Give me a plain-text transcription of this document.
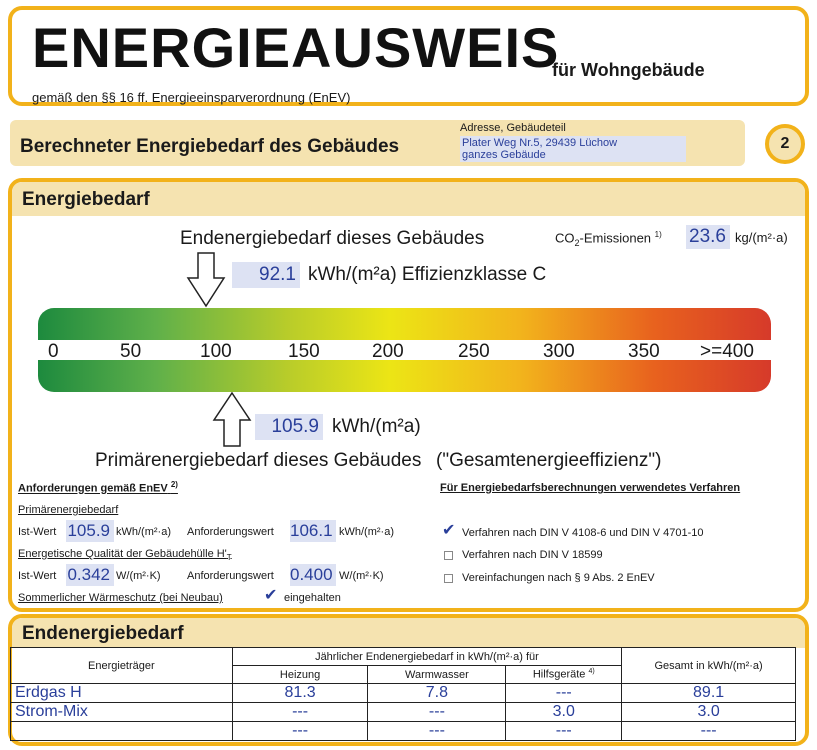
ENERGIEAUSWEIS
für Wohngebäude
gemäß den §§ 16 ff. Energieeinsparverordnung (EnEV)
Berechneter Energiebedarf des Gebäudes
Adresse, Gebäudeteil
Plater Weg Nr.5, 29439 Lüchow
ganzes Gebäude
2
Energiebedarf
Endenergiebedarf dieses Gebäudes	$CO_2$-Emissionen $^{1)}$ 23.6 kg/(m²·a)
92.1 kWh/(m²a) Effizienzklasse C
0	50	100	150	200	250	300	350 >=400
105.9 kWh/(m²a)
Primärenergiebedarf dieses Gebäudes ("Gesamtenergieeffizienz")
Anforderungen gemäß EnEV $^{2)}$
Primärenergiebedarf
Ist-Wert 105.9 kWh/(m²·a) Anforderungswert 106.1 kWh/(m²·a)
Energetische Qualität der Gebäudehülle $H'_T$
Ist-Wert 0.342 W/(m²·K) Anforderungswert 0.400 W/(m²·K)
Sommerlicher Wärmeschutz (bei Neubau)	✔ eingehalten
Für Energiebedarfsberechnungen verwendetes Verfahren
✔ Verfahren nach DIN V 4108-6 und DIN V 4701-10
Verfahren nach DIN V 18599
Vereinfachungen nach § 9 Abs. 2 EnEV
Endenergiebedarf
Energieträger	Jährlicher Endenergiebedarf in kWh/(m²·a) für			Gesamt in kWh/(m²·a)
	Heizung	Warmwasser	Hilfsgeräte $^{4)}$
Erdgas H	81.3	7.8	---	89.1
Strom-Mix	---	---	3.0	3.0
	---	---	---	---
